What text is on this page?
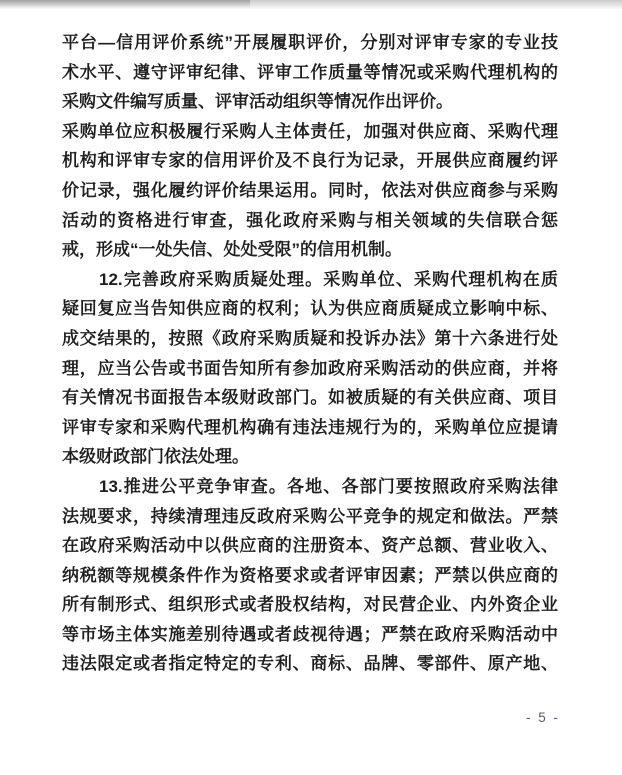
平台—信用评价系统”开展履职评价，分别对评审专家的专业技
术水平、遵守评审纪律、评审工作质量等情况或采购代理机构的
采购文件编写质量、评审活动组织等情况作出评价。
采购单位应积极履行采购人主体责任，加强对供应商、采购代理
机构和评审专家的信用评价及不良行为记录，开展供应商履约评
价记录，强化履约评价结果运用。同时，依法对供应商参与采购
活动的资格进行审查，强化政府采购与相关领域的失信联合惩
戒，形成“一处失信、处处受限”的信用机制。
12.完善政府采购质疑处理。采购单位、采购代理机构在质
疑回复应当告知供应商的权利；认为供应商质疑成立影响中标、
成交结果的，按照《政府采购质疑和投诉办法》第十六条进行处
理，应当公告或书面告知所有参加政府采购活动的供应商，并将
有关情况书面报告本级财政部门。如被质疑的有关供应商、项目
评审专家和采购代理机构确有违法违规行为的，采购单位应提请
本级财政部门依法处理。
13.推进公平竞争审查。各地、各部门要按照政府采购法律
法规要求，持续清理违反政府采购公平竞争的规定和做法。严禁
在政府采购活动中以供应商的注册资本、资产总额、营业收入、
纳税额等规模条件作为资格要求或者评审因素；严禁以供应商的
所有制形式、组织形式或者股权结构，对民营企业、内外资企业
等市场主体实施差别待遇或者歧视待遇；严禁在政府采购活动中
违法限定或者指定特定的专利、商标、品牌、零部件、原产地、
- 5 -
